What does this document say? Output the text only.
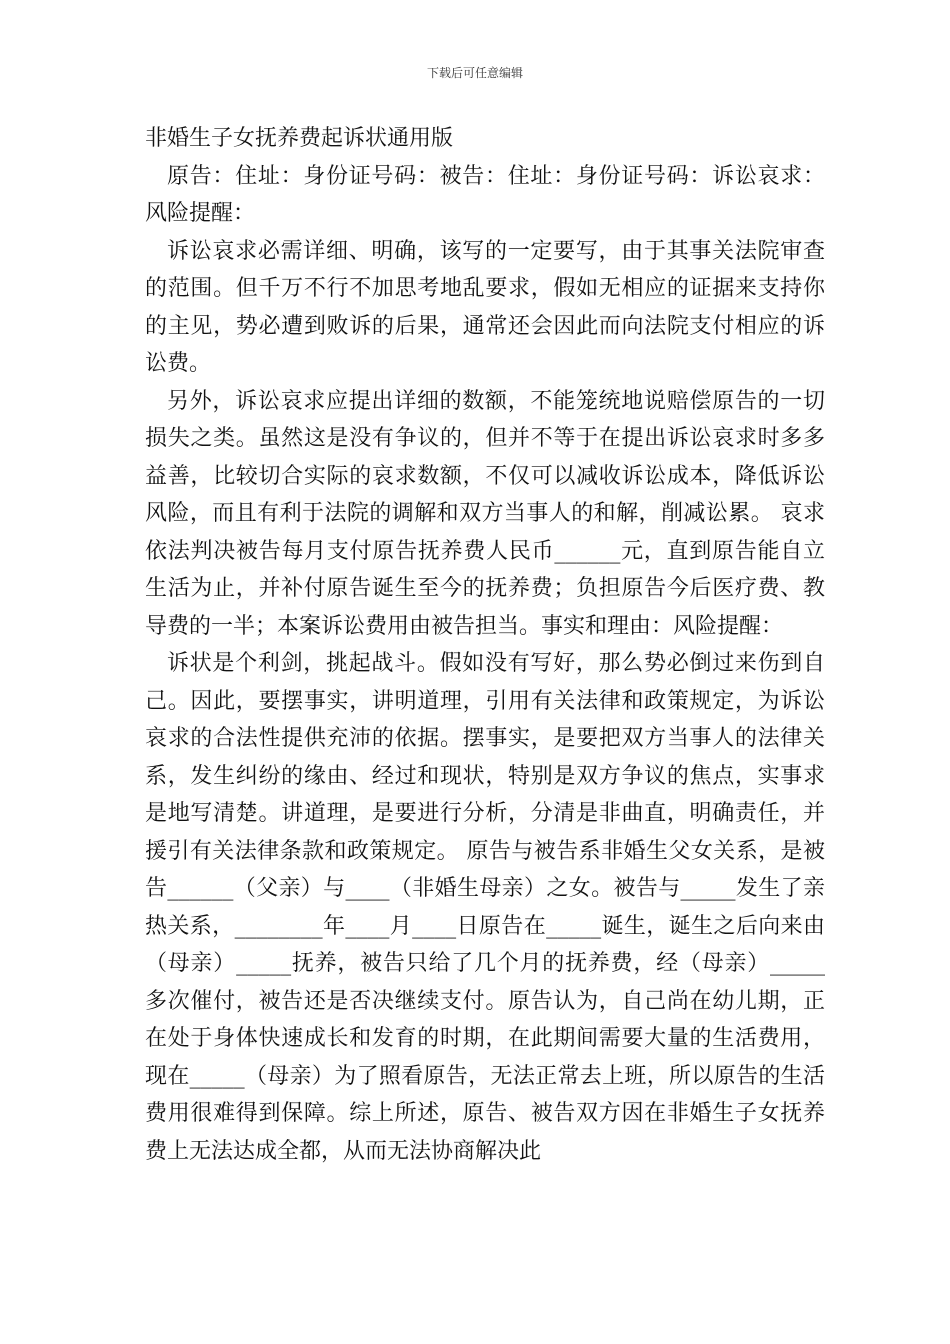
下载后可任意编辑

非婚生子女抚养费起诉状通用版

原告：住址：身份证号码：被告：住址：身份证号码：诉讼哀求：风险提醒：

诉讼哀求必需详细、明确，该写的一定要写，由于其事关法院审查的范围。但千万不行不加思考地乱要求，假如无相应的证据来支持你的主见，势必遭到败诉的后果，通常还会因此而向法院支付相应的诉讼费。

另外，诉讼哀求应提出详细的数额，不能笼统地说赔偿原告的一切损失之类。虽然这是没有争议的，但并不等于在提出诉讼哀求时多多益善，比较切合实际的哀求数额，不仅可以减收诉讼成本，降低诉讼风险，而且有利于法院的调解和双方当事人的和解，削减讼累。 哀求依法判决被告每月支付原告抚养费人民币______元，直到原告能自立生活为止，并补付原告诞生至今的抚养费；负担原告今后医疗费、教导费的一半；本案诉讼费用由被告担当。事实和理由：风险提醒：

诉状是个利剑，挑起战斗。假如没有写好，那么势必倒过来伤到自己。因此，要摆事实，讲明道理，引用有关法律和政策规定，为诉讼哀求的合法性提供充沛的依据。摆事实，是要把双方当事人的法律关系，发生纠纷的缘由、经过和现状，特别是双方争议的焦点，实事求是地写清楚。讲道理，是要进行分析，分清是非曲直，明确责任，并援引有关法律条款和政策规定。 原告与被告系非婚生父女关系，是被告______（父亲）与____（非婚生母亲）之女。被告与_____发生了亲热关系，________年____月____日原告在_____诞生，诞生之后向来由（母亲）_____抚养，被告只给了几个月的抚养费，经（母亲）_____多次催付，被告还是否决继续支付。原告认为，自己尚在幼儿期，正在处于身体快速成长和发育的时期，在此期间需要大量的生活费用，现在_____（母亲）为了照看原告，无法正常去上班，所以原告的生活费用很难得到保障。综上所述，原告、被告双方因在非婚生子女抚养费上无法达成全都，从而无法协商解决此
